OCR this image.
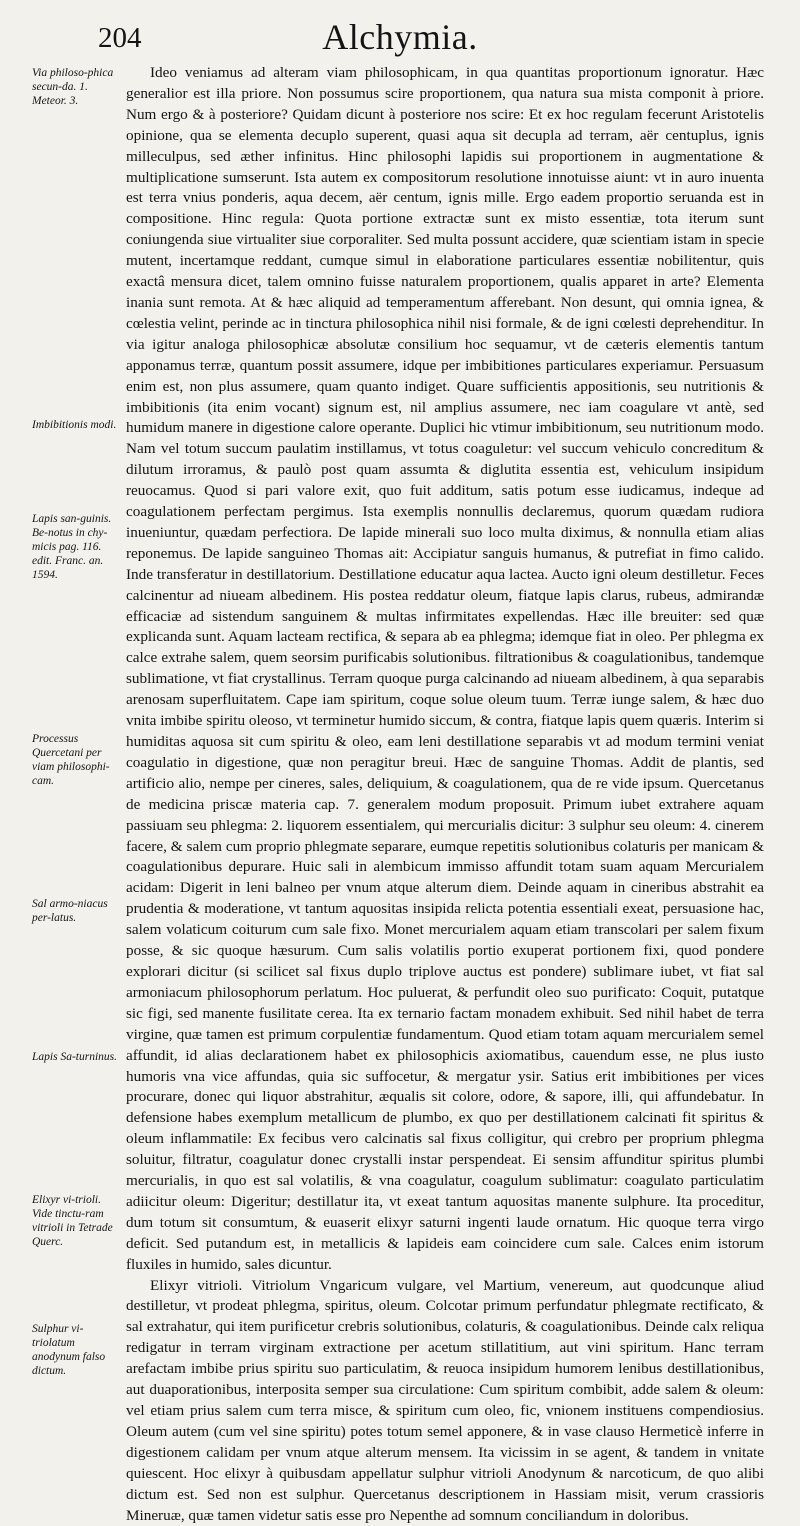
204	Alchymia.
Via philoso-phica secun-da. 1. Meteor. 3.
Imbibitionis modi.
Lapis san-guinis. Be-notus in chy-micis pag. 116. edit. Franc. an. 1594.
Processus Quercetani per viam philosophi-cam.
Sal armo-niacus per-latus.
Lapis Sa-turninus.
Elixyr vi-trioli. Vide tinctu-ram vitrioli in Tetrade Querc.
Sulphur vi-triolatum anodynum falso dictum.

Ideo veniamus ad alteram viam philosophicam, in qua quantitas proportionum ignoratur. Hæc generalior est illa priore. Non possumus scire proportionem, qua natura sua mista componit à priore. Num ergo & à posteriore? Quidam dicunt à posteriore nos scire: Et ex hoc regulam fecerunt Aristotelis opinione, qua se elementa decuplo superent, quasi aqua sit decupla ad terram, aër centuplus, ignis milleculpus, sed æther infinitus. Hinc philosophi lapidis sui proportionem in augmentatione & multiplicatione sumserunt. Ista autem ex compositorum resolutione innotuisse aiunt: vt in auro inuenta est terra vnius ponderis, aqua decem, aër centum, ignis mille. Ergo eadem proportio seruanda est in compositione. Hinc regula: Quota portione extractæ sunt ex misto essentiæ, tota iterum sunt coniungenda siue virtualiter siue corporaliter. Sed multa possunt accidere, quæ scientiam istam in specie mutent, incertamque reddant, cumque simul in elaboratione particulares essentiæ nobilitentur, quis exactâ mensura dicet, talem omnino fuisse naturalem proportionem, qualis apparet in arte? Elementa inania sunt remota. At & hæc aliquid ad temperamentum afferebant. Non desunt, qui omnia ignea, & cœlestia velint, perinde ac in tinctura philosophica nihil nisi formale, & de igni cœlesti deprehenditur. In via igitur analoga philosophicæ absolutæ consilium hoc sequamur, vt de cæteris elementis tantum apponamus terræ, quantum possit assumere, idque per imbibitiones particulares experiamur. Persuasum enim est, non plus assumere, quam quanto indiget. Quare sufficientis appositionis, seu nutritionis & imbibitionis (ita enim vocant) signum est, nil amplius assumere, nec iam coagulare vt antè, sed humidum manere in digestione calore operante. Duplici hic vtimur imbibitionum, seu nutritionum modo. Nam vel totum succum paulatim instillamus, vt totus coaguletur: vel succum vehiculo concreditum & dilutum irroramus, & paulò post quam assumta & diglutita essentia est, vehiculum insipidum reuocamus. Quod si pari valore exit, quo fuit additum, satis potum esse iudicamus, indeque ad coagulationem perfectam pergimus. Ista exemplis nonnullis declaremus, quorum quædam rudiora inueniuntur, quædam perfectiora. De lapide minerali suo loco multa diximus, & nonnulla etiam alias reponemus. De lapide sanguineo Thomas ait: Accipiatur sanguis humanus, & putrefiat in fimo calido. Inde transferatur in destillatorium. Destillatione educatur aqua lactea. Aucto igni oleum destilletur. Feces calcinentur ad niueam albedinem. His postea reddatur oleum, fiatque lapis clarus, rubeus, admirandæ efficaciæ ad sistendum sanguinem & multas infirmitates expellendas. Hæc ille breuiter: sed quæ explicanda sunt. Aquam lacteam rectifica, & separa ab ea phlegma; idemque fiat in oleo. Per phlegma ex calce extrahe salem, quem seorsim purificabis solutionibus. filtrationibus & coagulationibus, tandemque sublimatione, vt fiat crystallinus. Terram quoque purga calcinando ad niueam albedinem, à qua separabis arenosam superfluitatem. Cape iam spiritum, coque solue oleum tuum. Terræ iunge salem, & hæc duo vnita imbibe spiritu oleoso, vt terminetur humido siccum, & contra, fiatque lapis quem quæris. Interim si humiditas aquosa sit cum spiritu & oleo, eam leni destillatione separabis vt ad modum termini veniat coagulatio in digestione, quæ non peragitur breui. Hæc de sanguine Thomas. Addit de plantis, sed artificio alio, nempe per cineres, sales, deliquium, & coagulationem, qua de re vide ipsum. Quercetanus de medicina priscæ materia cap. 7. generalem modum proposuit. Primum iubet extrahere aquam passiuam seu phlegma: 2. liquorem essentialem, qui mercurialis dicitur: 3 sulphur seu oleum: 4. cinerem facere, & salem cum proprio phlegmate separare, eumque repetitis solutionibus colaturis per manicam & coagulationibus depurare. Huic sali in alembicum immisso affundit totam suam aquam Mercurialem acidam: Digerit in leni balneo per vnum atque alterum diem. Deinde aquam in cineribus abstrahit ea prudentia & moderatione, vt tantum aquositas insipida relicta potentia essentiali exeat, persuasione hac, salem volaticum coiturum cum sale fixo. Monet mercurialem aquam etiam transcolari per salem fixum posse, & sic quoque hæsurum. Cum salis volatilis portio exuperat portionem fixi, quod pondere explorari dicitur (si scilicet sal fixus duplo triplove auctus est pondere) sublimare iubet, vt fiat sal armoniacum philosophorum perlatum. Hoc puluerat, & perfundit oleo suo purificato: Coquit, putatque sic figi, sed manente fusilitate cerea. Ita ex ternario factam monadem exhibuit. Sed nihil habet de terra virgine, quæ tamen est primum corpulentiæ fundamentum. Quod etiam totam aquam mercurialem semel affundit, id alias declarationem habet ex philosophicis axiomatibus, cauendum esse, ne plus iusto humoris vna vice affundas, quia sic suffocetur, & mergatur ysir. Satius erit imbibitiones per vices procurare, donec qui liquor abstrahitur, æqualis sit colore, odore, & sapore, illi, qui affundebatur. In defensione habes exemplum metallicum de plumbo, ex quo per destillationem calcinati fit spiritus & oleum inflammatile: Ex fecibus vero calcinatis sal fixus colligitur, qui crebro per proprium phlegma soluitur, filtratur, coagulatur donec crystalli instar perspendeat. Ei sensim affunditur spiritus plumbi mercurialis, in quo est sal volatilis, & vna coagulatur, coagulum sublimatur: coagulato particulatim adiicitur oleum: Digeritur; destillatur ita, vt exeat tantum aquositas manente sulphure. Ita proceditur, dum totum sit consumtum, & euaserit elixyr saturni ingenti laude ornatum. Hic quoque terra virgo deficit. Sed putandum est, in metallicis & lapideis eam coincidere cum sale. Calces enim istorum fluxiles in humido, sales dicuntur.

Elixyr vitrioli. Vitriolum Vngaricum vulgare, vel Martium, venereum, aut quodcunque aliud destilletur, vt prodeat phlegma, spiritus, oleum. Colcotar primum perfundatur phlegmate rectificato, & sal extrahatur, qui item purificetur crebris solutionibus, colaturis, & coagulationibus. Deinde calx reliqua redigatur in terram virginam extractione per acetum stillatitium, aut vini spiritum. Hanc terram arefactam imbibe prius spiritu suo particulatim, & reuoca insipidum humorem lenibus destillationibus, aut duaporationibus, interposita semper sua circulatione: Cum spiritum combibit, adde salem & oleum: vel etiam prius salem cum terra misce, & spiritum cum oleo, fic, vnionem instituens compendiosius. Oleum autem (cum vel sine spiritu) potes totum semel apponere, & in vase clauso Hermeticè inferre in digestionem calidam per vnum atque alterum mensem. Ita vicissim in se agent, & tandem in vnitate quiescent. Hoc elixyr à quibusdam appellatur sulphur vitrioli Anodynum & narcoticum, de quo alibi dictum est. Sed non est sulphur. Quercetanus descriptionem in Hassiam misit, verum crassioris Mineruæ, quæ tamen videtur satis esse pro Nepenthe ad somnum conciliandum in doloribus.
